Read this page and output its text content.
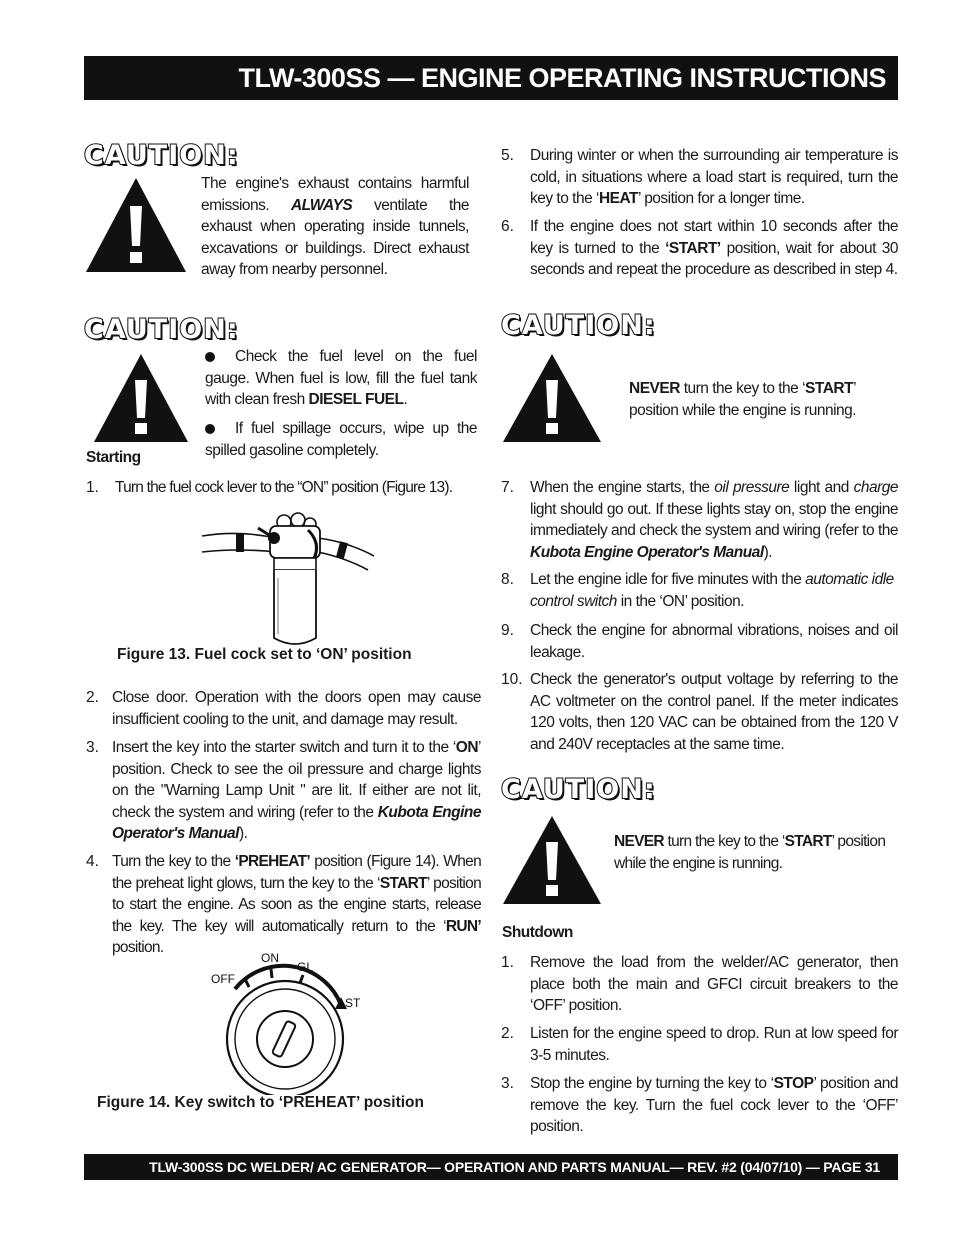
TLW-300SS — ENGINE OPERATING INSTRUCTIONS
CAUTION:
The engine's exhaust contains harmful emissions. ALWAYS ventilate the exhaust when operating inside tunnels, excavations or buildings. Direct exhaust away from nearby personnel.
CAUTION:
Check the fuel level on the fuel gauge. When fuel is low, fill the fuel tank with clean fresh DIESEL FUEL.
If fuel spillage occurs, wipe up the spilled gasoline completely.
Starting
1. Turn the fuel cock lever to the “ON” position (Figure 13).
Figure 13. Fuel cock set to ‘ON’ position
2. Close door. Operation with the doors open may cause insufficient cooling to the unit, and damage may result.
3. Insert the key into the starter switch and turn it to the ‘ON’ position. Check to see the oil pressure and charge lights on the "Warning Lamp Unit " are lit. If either are not lit, check the system and wiring (refer to the Kubota Engine Operator's Manual).
4. Turn the key to the ‘PREHEAT’ position (Figure 14). When the preheat light glows, turn the key to the ‘START’ position to start the engine. As soon as the engine starts, release the key. The key will automatically return to the ‘RUN’ position.
OFF
ON
GL
ST
Figure 14. Key switch to ‘PREHEAT’ position
5. During winter or when the surrounding air temperature is cold, in situations where a load start is required, turn the key to the ‘HEAT’ position for a longer time.
6. If the engine does not start within 10 seconds after the key is turned to the ‘START’ position, wait for about 30 seconds and repeat the procedure as described in step 4.
CAUTION:
NEVER turn the key to the ‘START’ position while the engine is running.
7. When the engine starts, the oil pressure light and charge light should go out. If these lights stay on, stop the engine immediately and check the system and wiring (refer to the Kubota Engine Operator's Manual).
8. Let the engine idle for five minutes with the automatic idle control switch in the ‘ON’ position.
9. Check the engine for abnormal vibrations, noises and oil leakage.
10. Check the generator's output voltage by referring to the AC voltmeter on the control panel. If the meter indicates 120 volts, then 120 VAC can be obtained from the 120 V and 240V receptacles at the same time.
CAUTION:
NEVER turn the key to the ‘START’ position while the engine is running.
Shutdown
1. Remove the load from the welder/AC generator, then place both the main and GFCI circuit breakers to the ‘OFF’ position.
2. Listen for the engine speed to drop. Run at low speed for 3-5 minutes.
3. Stop the engine by turning the key to ‘STOP’ position and remove the key. Turn the fuel cock lever to the ‘OFF’ position.
TLW-300SS DC WELDER/ AC GENERATOR— OPERATION AND PARTS MANUAL— REV. #2 (04/07/10) — PAGE 31
